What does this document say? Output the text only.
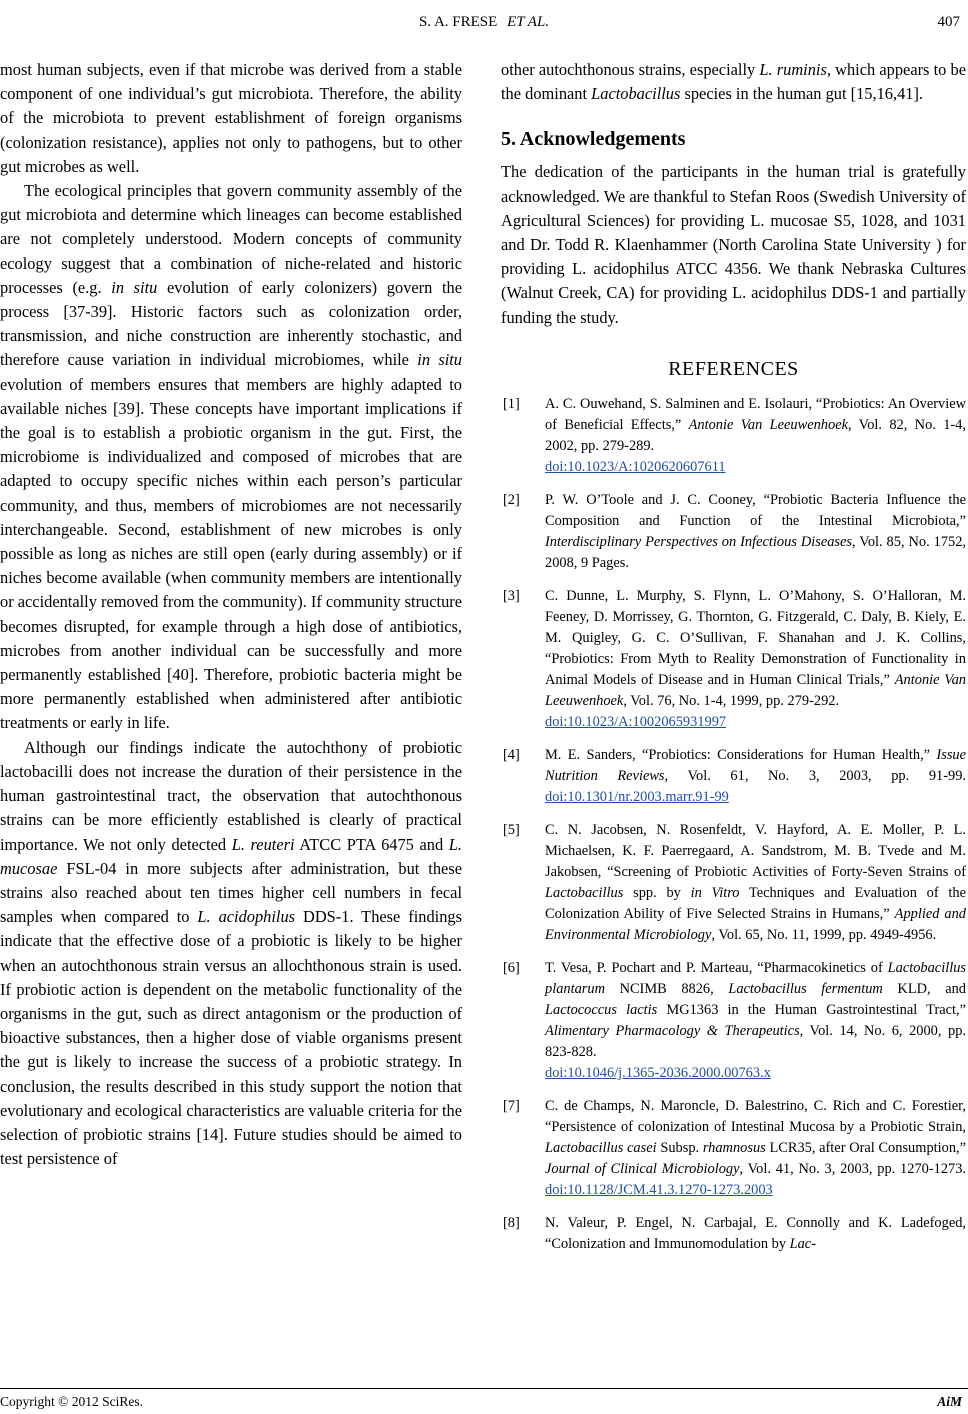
S. A. FRESE ET AL.	407

most human subjects, even if that microbe was derived from a stable component of one individual’s gut microbiota. Therefore, the ability of the microbiota to prevent establishment of foreign organisms (colonization resistance), applies not only to pathogens, but to other gut microbes as well.

The ecological principles that govern community assembly of the gut microbiota and determine which lineages can become established are not completely understood. Modern concepts of community ecology suggest that a combination of niche-related and historic processes (e.g. in situ evolution of early colonizers) govern the process [37-39]. Historic factors such as colonization order, transmission, and niche construction are inherently stochastic, and therefore cause variation in individual microbiomes, while in situ evolution of members ensures that members are highly adapted to available niches [39]. These concepts have important implications if the goal is to establish a probiotic organism in the gut. First, the microbiome is individualized and composed of microbes that are adapted to occupy specific niches within each person’s particular community, and thus, members of microbiomes are not necessarily interchangeable. Second, establishment of new microbes is only possible as long as niches are still open (early during assembly) or if niches become available (when community members are intentionally or accidentally removed from the community). If community structure becomes disrupted, for example through a high dose of antibiotics, microbes from another individual can be successfully and more permanently established [40]. Therefore, probiotic bacteria might be more permanently established when administered after antibiotic treatments or early in life.

Although our findings indicate the autochthony of probiotic lactobacilli does not increase the duration of their persistence in the human gastrointestinal tract, the observation that autochthonous strains can be more efficiently established is clearly of practical importance. We not only detected L. reuteri ATCC PTA 6475 and L. mucosae FSL-04 in more subjects after administration, but these strains also reached about ten times higher cell numbers in fecal samples when compared to L. acidophilus DDS-1. These findings indicate that the effective dose of a probiotic is likely to be higher when an autochthonous strain versus an allochthonous strain is used. If probiotic action is dependent on the metabolic functionality of the organisms in the gut, such as direct antagonism or the production of bioactive substances, then a higher dose of viable organisms present the gut is likely to increase the success of a probiotic strategy. In conclusion, the results described in this study support the notion that evolutionary and ecological characteristics are valuable criteria for the selection of probiotic strains [14]. Future studies should be aimed to test persistence of

other autochthonous strains, especially L. ruminis, which appears to be the dominant Lactobacillus species in the human gut [15,16,41].

5. Acknowledgements

The dedication of the participants in the human trial is gratefully acknowledged. We are thankful to Stefan Roos (Swedish University of Agricultural Sciences) for providing L. mucosae S5, 1028, and 1031 and Dr. Todd R. Klaenhammer (North Carolina State University ) for providing L. acidophilus ATCC 4356. We thank Nebraska Cultures (Walnut Creek, CA) for providing L. acidophilus DDS-1 and partially funding the study.

REFERENCES
[1] A. C. Ouwehand, S. Salminen and E. Isolauri, “Probiotics: An Overview of Beneficial Effects,” Antonie Van Leeuwenhoek, Vol. 82, No. 1-4, 2002, pp. 279-289.
doi:10.1023/A:1020620607611
[2] P. W. O’Toole and J. C. Cooney, “Probiotic Bacteria Influence the Composition and Function of the Intestinal Microbiota,” Interdisciplinary Perspectives on Infectious Diseases, Vol. 85, No. 1752, 2008, 9 Pages.
[3] C. Dunne, L. Murphy, S. Flynn, L. O’Mahony, S. O’Halloran, M. Feeney, D. Morrissey, G. Thornton, G. Fitzgerald, C. Daly, B. Kiely, E. M. Quigley, G. C. O’Sullivan, F. Shanahan and J. K. Collins, “Probiotics: From Myth to Reality Demonstration of Functionality in Animal Models of Disease and in Human Clinical Trials,” Antonie Van Leeuwenhoek, Vol. 76, No. 1-4, 1999, pp. 279-292.
doi:10.1023/A:1002065931997
[4] M. E. Sanders, “Probiotics: Considerations for Human Health,” Issue Nutrition Reviews, Vol. 61, No. 3, 2003, pp. 91-99. doi:10.1301/nr.2003.marr.91-99
[5] C. N. Jacobsen, N. Rosenfeldt, V. Hayford, A. E. Moller, P. L. Michaelsen, K. F. Paerregaard, A. Sandstrom, M. B. Tvede and M. Jakobsen, “Screening of Probiotic Activities of Forty-Seven Strains of Lactobacillus spp. by in Vitro Techniques and Evaluation of the Colonization Ability of Five Selected Strains in Humans,” Applied and Environmental Microbiology, Vol. 65, No. 11, 1999, pp. 4949-4956.
[6] T. Vesa, P. Pochart and P. Marteau, “Pharmacokinetics of Lactobacillus plantarum NCIMB 8826, Lactobacillus fermentum KLD, and Lactococcus lactis MG1363 in the Human Gastrointestinal Tract,” Alimentary Pharmacology & Therapeutics, Vol. 14, No. 6, 2000, pp. 823-828.
doi:10.1046/j.1365-2036.2000.00763.x
[7] C. de Champs, N. Maroncle, D. Balestrino, C. Rich and C. Forestier, “Persistence of colonization of Intestinal Mucosa by a Probiotic Strain, Lactobacillus casei Subsp. rhamnosus LCR35, after Oral Consumption,” Journal of Clinical Microbiology, Vol. 41, No. 3, 2003, pp. 1270-1273. doi:10.1128/JCM.41.3.1270-1273.2003
[8] N. Valeur, P. Engel, N. Carbajal, E. Connolly and K. Ladefoged, “Colonization and Immunomodulation by Lac-
Copyright © 2012 SciRes.	AiM
